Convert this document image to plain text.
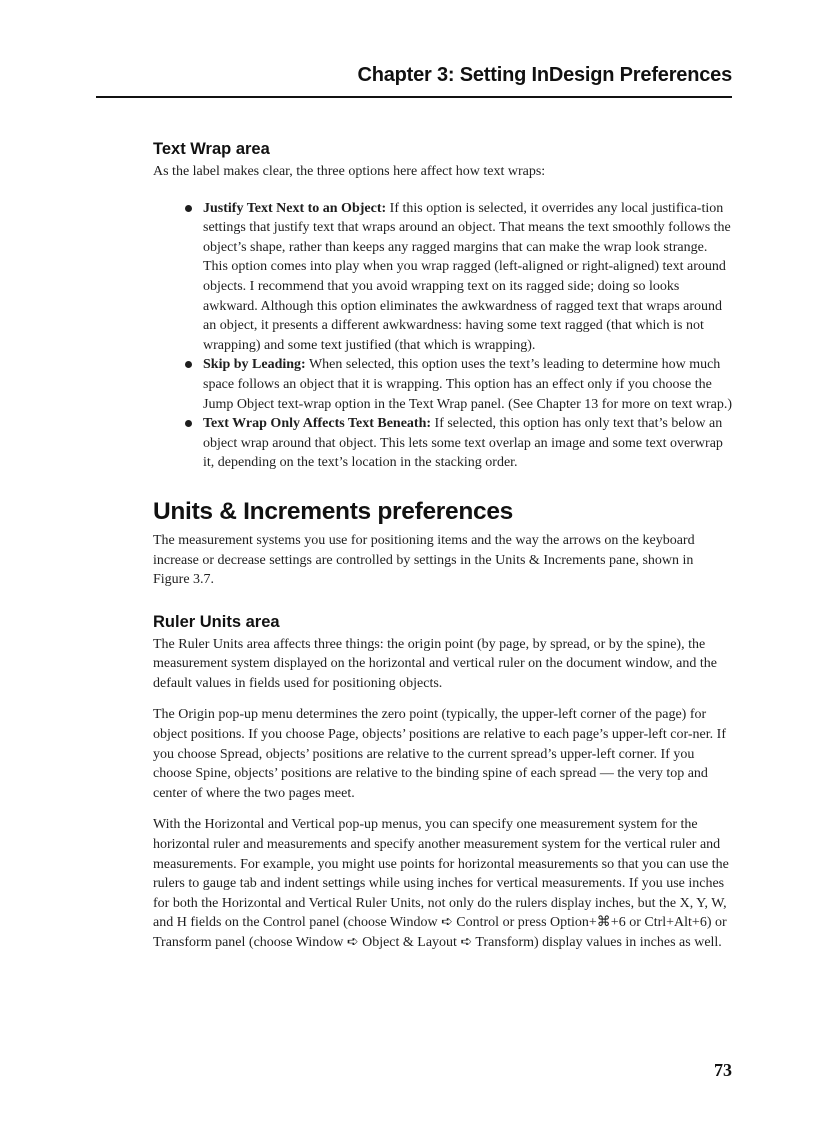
Chapter 3: Setting InDesign Preferences
Text Wrap area

As the label makes clear, the three options here affect how text wraps:

Justify Text Next to an Object: If this option is selected, it overrides any local justifica-tion settings that justify text that wraps around an object. That means the text smoothly follows the object’s shape, rather than keeps any ragged margins that can make the wrap look strange. This option comes into play when you wrap ragged (left-aligned or right-aligned) text around objects. I recommend that you avoid wrapping text on its ragged side; doing so looks awkward. Although this option eliminates the awkwardness of ragged text that wraps around an object, it presents a different awkwardness: having some text ragged (that which is not wrapping) and some text justified (that which is wrapping).

Skip by Leading: When selected, this option uses the text’s leading to determine how much space follows an object that it is wrapping. This option has an effect only if you choose the Jump Object text-wrap option in the Text Wrap panel. (See Chapter 13 for more on text wrap.)

Text Wrap Only Affects Text Beneath: If selected, this option has only text that’s below an object wrap around that object. This lets some text overlap an image and some text overwrap it, depending on the text’s location in the stacking order.

Units & Increments preferences

The measurement systems you use for positioning items and the way the arrows on the keyboard increase or decrease settings are controlled by settings in the Units & Increments pane, shown in Figure 3.7.

Ruler Units area

The Ruler Units area affects three things: the origin point (by page, by spread, or by the spine), the measurement system displayed on the horizontal and vertical ruler on the document window, and the default values in fields used for positioning objects.

The Origin pop-up menu determines the zero point (typically, the upper-left corner of the page) for object positions. If you choose Page, objects’ positions are relative to each page’s upper-left cor-ner. If you choose Spread, objects’ positions are relative to the current spread’s upper-left corner. If you choose Spine, objects’ positions are relative to the binding spine of each spread — the very top and center of where the two pages meet.

With the Horizontal and Vertical pop-up menus, you can specify one measurement system for the horizontal ruler and measurements and specify another measurement system for the vertical ruler and measurements. For example, you might use points for horizontal measurements so that you can use the rulers to gauge tab and indent settings while using inches for vertical measurements. If you use inches for both the Horizontal and Vertical Ruler Units, not only do the rulers display inches, but the X, Y, W, and H fields on the Control panel (choose Window ➪ Control or press Option+⌘+6 or Ctrl+Alt+6) or Transform panel (choose Window ➪ Object & Layout ➪ Transform) display values in inches as well.

73
